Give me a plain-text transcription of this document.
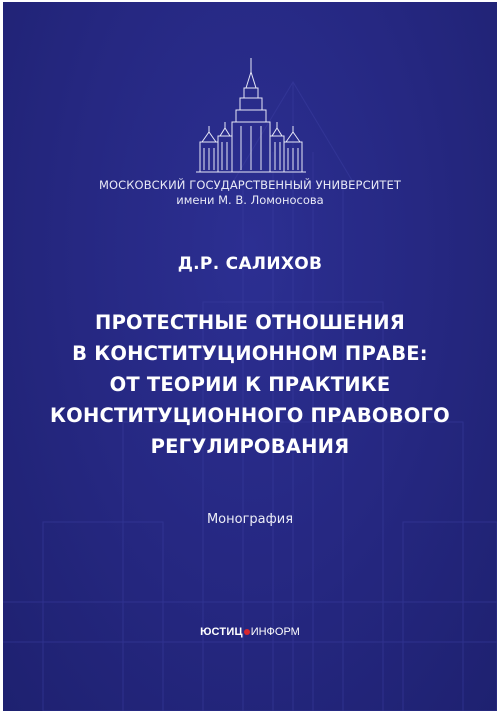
МОСКОВСКИЙ ГОСУДАРСТВЕННЫЙ УНИВЕРСИТЕТ
имени М. В. Ломоносова
Д.Р. САЛИХОВ
ПРОТЕСТНЫЕ ОТНОШЕНИЯ
В КОНСТИТУЦИОННОМ ПРАВЕ:
ОТ ТЕОРИИ К ПРАКТИКЕ
КОНСТИТУЦИОННОГО ПРАВОВОГО
РЕГУЛИРОВАНИЯ
Монография
ЮСТИЦ ИНФОРМ
